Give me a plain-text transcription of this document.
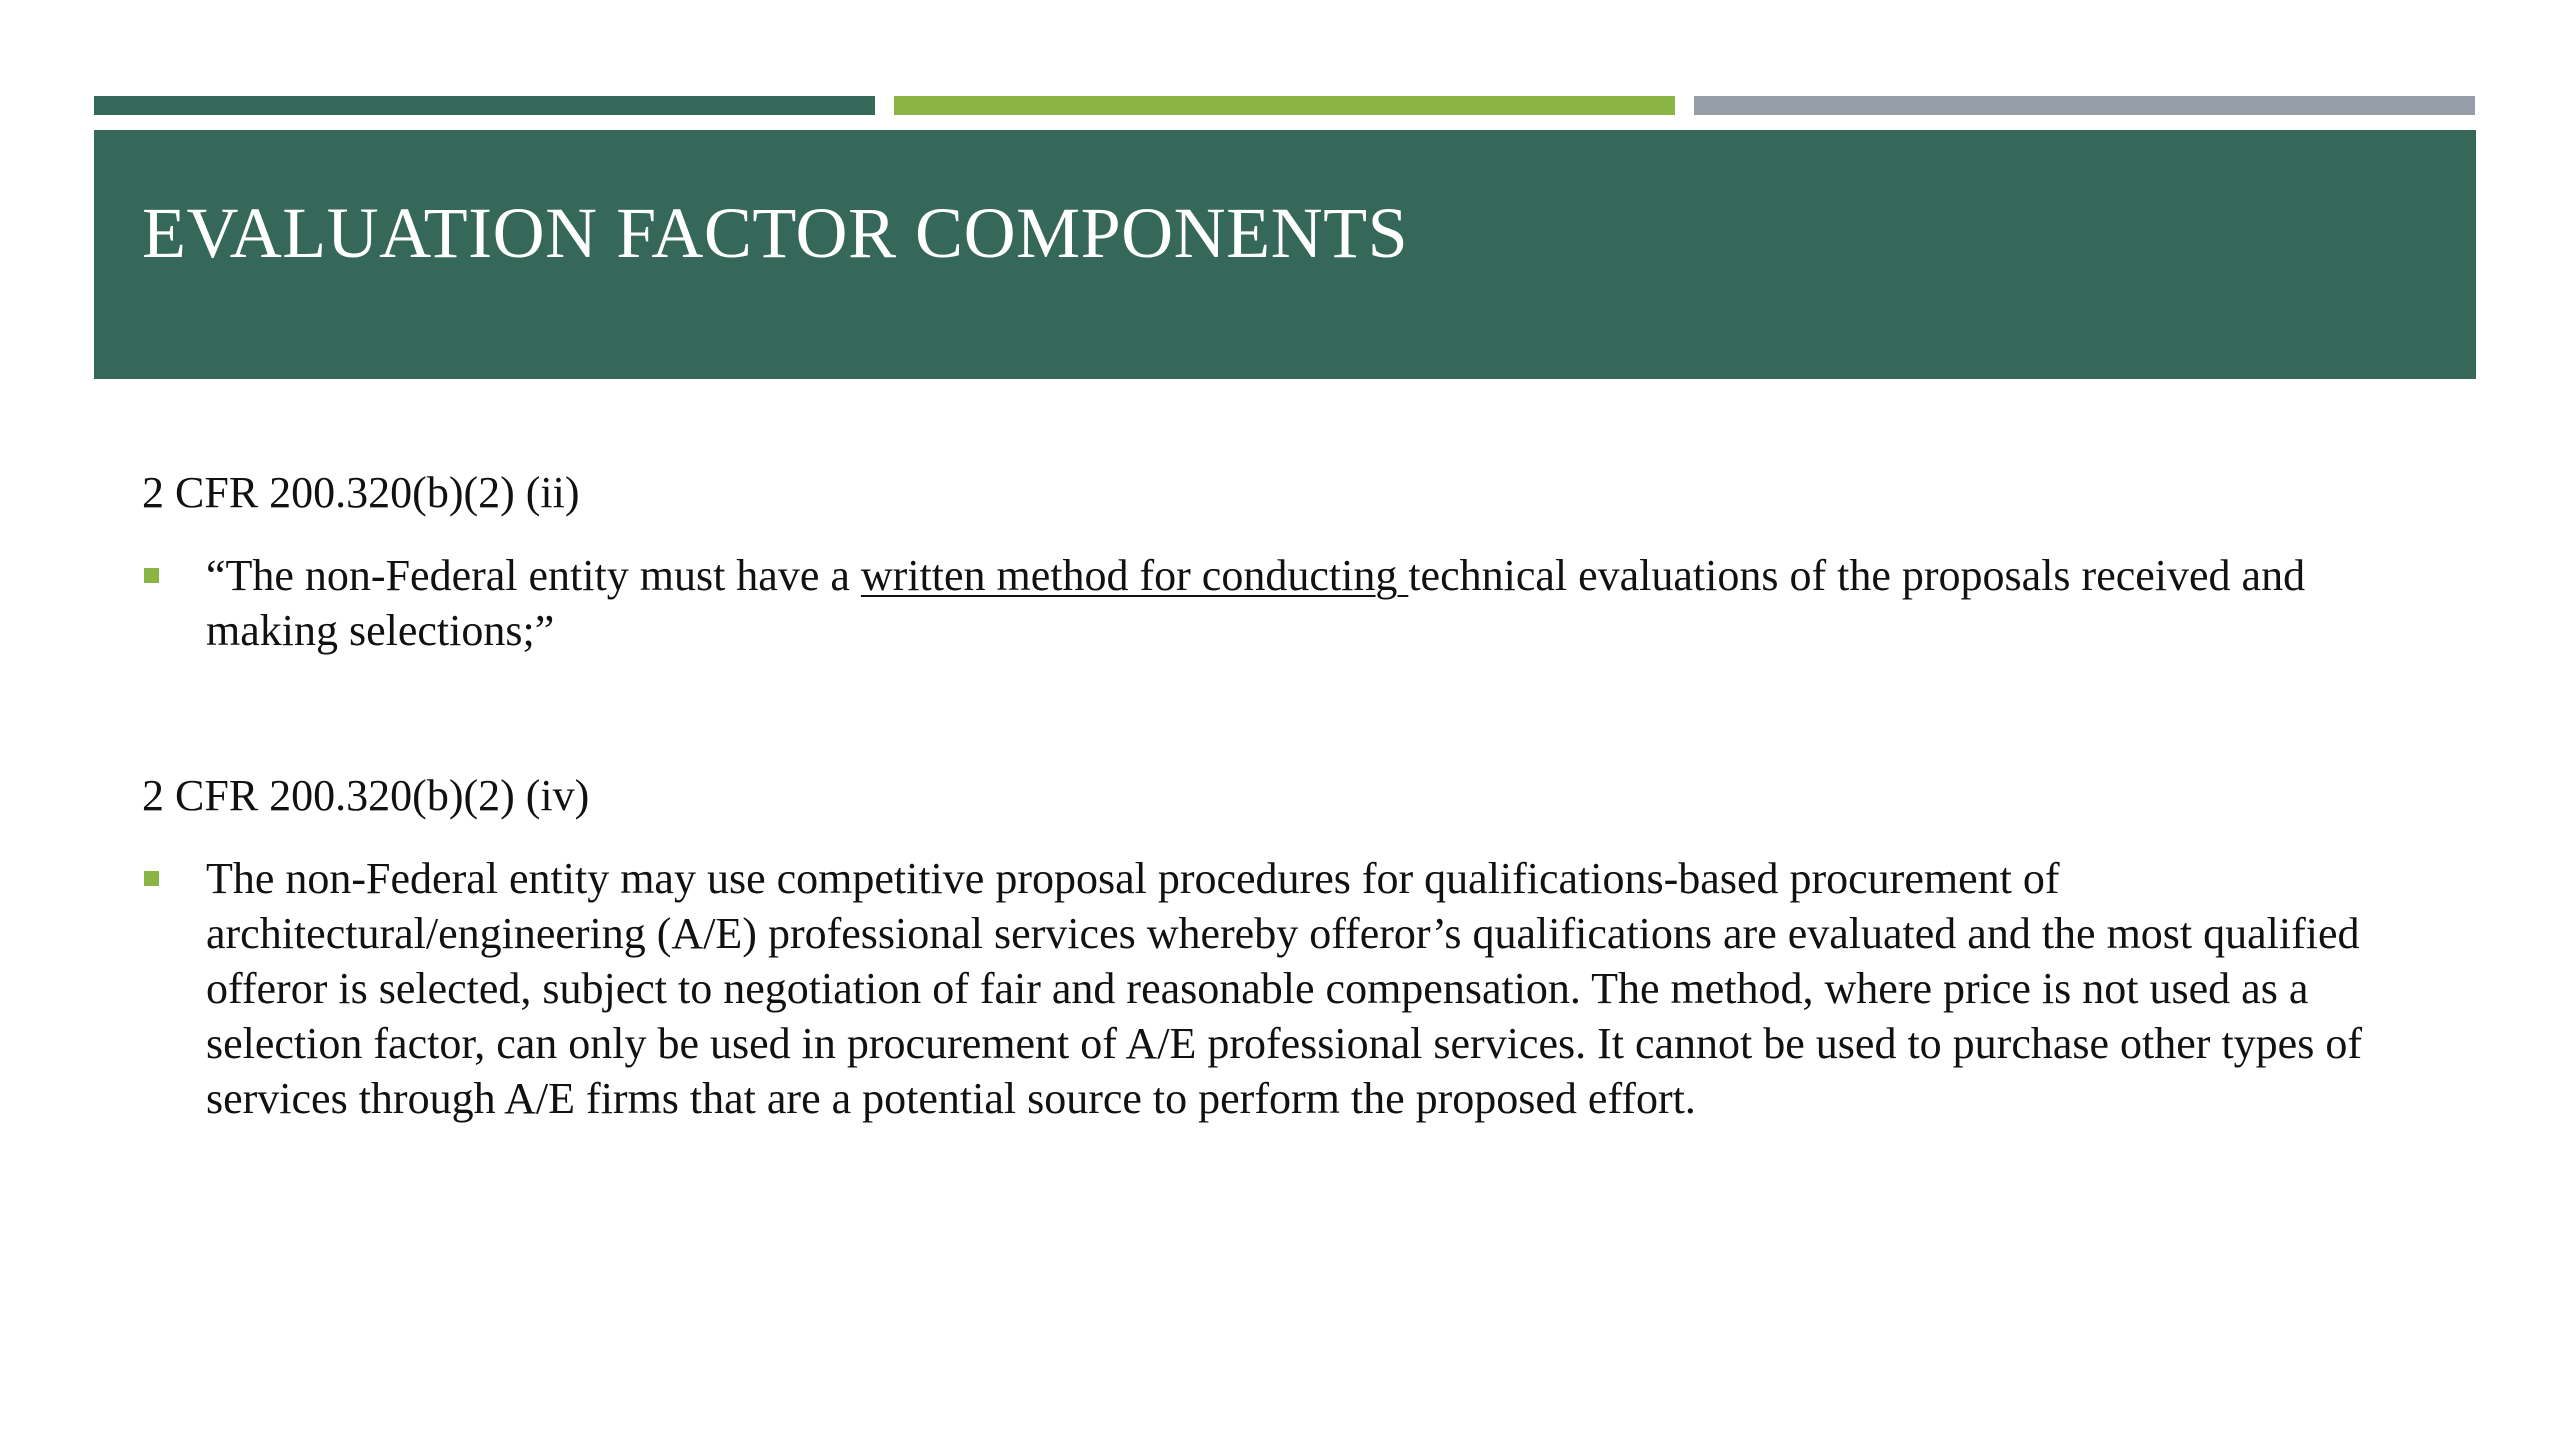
EVALUATION FACTOR COMPONENTS

2 CFR 200.320(b)(2) (ii)

“The non-Federal entity must have a written method for conducting technical evaluations of the proposals received and making selections;”

2 CFR 200.320(b)(2) (iv)

The non-Federal entity may use competitive proposal procedures for qualifications-based procurement of architectural/engineering (A/E) professional services whereby offeror’s qualifications are evaluated and the most qualified offeror is selected, subject to negotiation of fair and reasonable compensation. The method, where price is not used as a selection factor, can only be used in procurement of A/E professional services. It cannot be used to purchase other types of services through A/E firms that are a potential source to perform the proposed effort.
